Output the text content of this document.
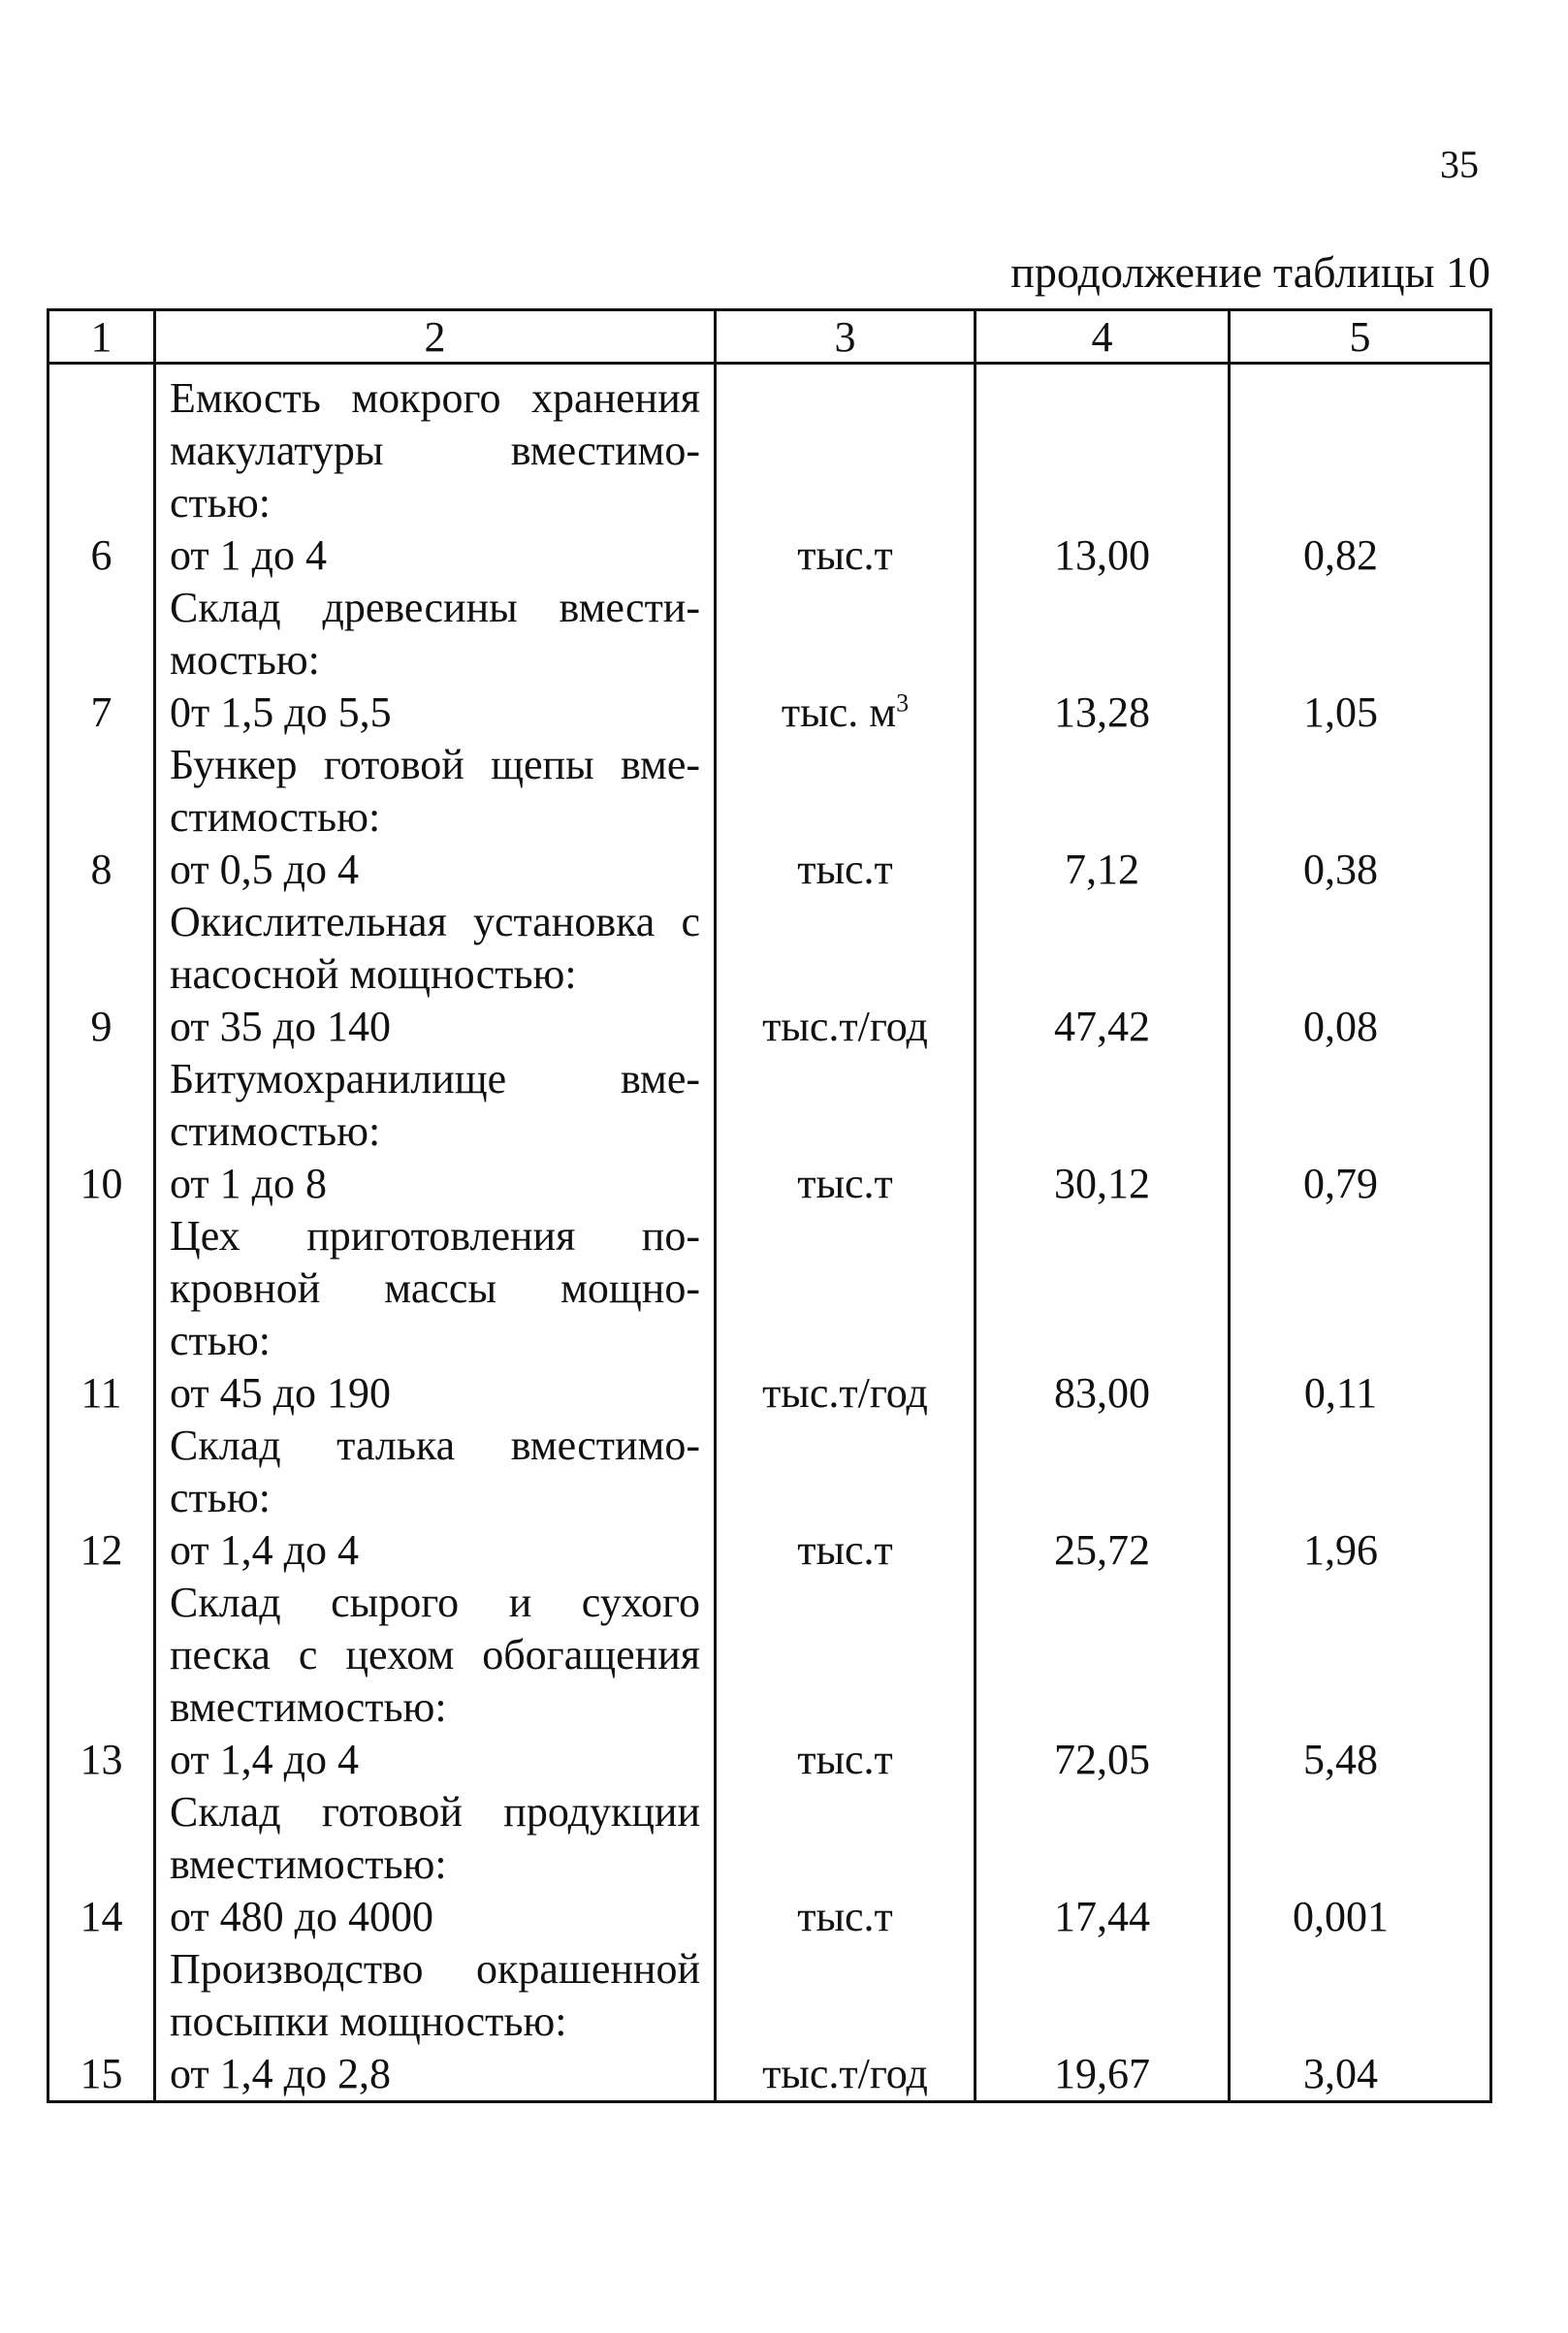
35
продолжение таблицы 10
1	2	3	4	5

6	Емкость мокрого хранения
макулатуры вместимо-
стью:
от 1 до 4	тыс.т	13,00	0,82
7	Склад древесины вмести-
мостью:
0т 1,5 до 5,5	тыс. $м^3$	13,28	1,05
8	Бункер готовой щепы вме-
стимостью:
от 0,5 до 4	тыс.т	7,12	0,38
9	Окислительная установка с
насосной мощностью:
от 35 до 140	тыс.т/год	47,42	0,08
10	Битумохранилище вме-
стимостью:
от 1 до 8	тыс.т	30,12	0,79
11	Цех приготовления по-
кровной массы мощно-
стью:
от 45 до 190	тыс.т/год	83,00	0,11
12	Склад талька вместимо-
стью:
от 1,4 до 4	тыс.т	25,72	1,96
13	Склад сырого и сухого
песка с цехом обогащения
вместимостью:
от 1,4 до 4	тыс.т	72,05	5,48
14	Склад готовой продукции
вместимостью:
от 480 до 4000	тыс.т	17,44	0,001
15	Производство окрашенной
посыпки мощностью:
от 1,4 до 2,8	тыс.т/год	19,67	3,04
